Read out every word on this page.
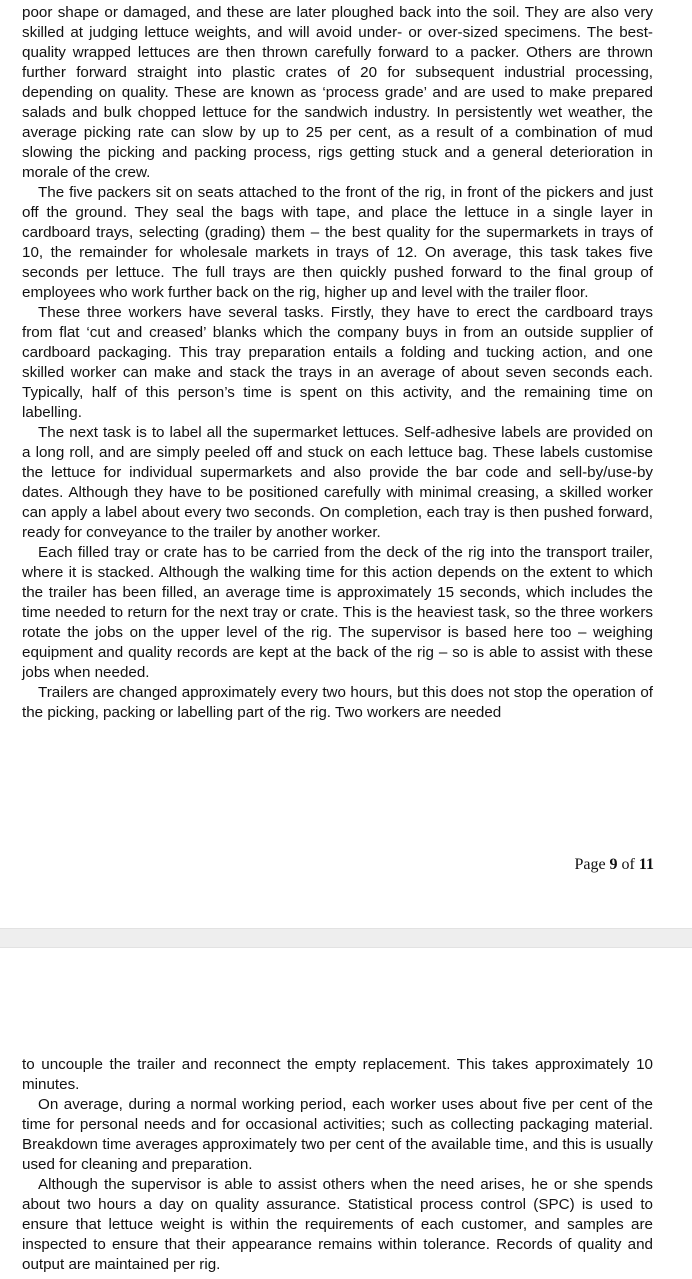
poor shape or damaged, and these are later ploughed back into the soil. They are also very skilled at judging lettuce weights, and will avoid under- or over-sized specimens. The best-quality wrapped lettuces are then thrown carefully forward to a packer. Others are thrown further forward straight into plastic crates of 20 for subsequent industrial processing, depending on quality. These are known as ‘process grade’ and are used to make prepared salads and bulk chopped lettuce for the sandwich industry. In persistently wet weather, the average picking rate can slow by up to 25 per cent, as a result of a combination of mud slowing the picking and packing process, rigs getting stuck and a general deterioration in morale of the crew.

The five packers sit on seats attached to the front of the rig, in front of the pickers and just off the ground. They seal the bags with tape, and place the lettuce in a single layer in cardboard trays, selecting (grading) them – the best quality for the supermarkets in trays of 10, the remainder for wholesale markets in trays of 12. On average, this task takes five seconds per lettuce. The full trays are then quickly pushed forward to the final group of employees who work further back on the rig, higher up and level with the trailer floor.

These three workers have several tasks. Firstly, they have to erect the cardboard trays from flat ‘cut and creased’ blanks which the company buys in from an outside supplier of cardboard packaging. This tray preparation entails a folding and tucking action, and one skilled worker can make and stack the trays in an average of about seven seconds each. Typically, half of this person’s time is spent on this activity, and the remaining time on labelling.

The next task is to label all the supermarket lettuces. Self-adhesive labels are provided on a long roll, and are simply peeled off and stuck on each lettuce bag. These labels customise the lettuce for individual supermarkets and also provide the bar code and sell-by/use-by dates. Although they have to be positioned carefully with minimal creasing, a skilled worker can apply a label about every two seconds. On completion, each tray is then pushed forward, ready for conveyance to the trailer by another worker.

Each filled tray or crate has to be carried from the deck of the rig into the transport trailer, where it is stacked. Although the walking time for this action depends on the extent to which the trailer has been filled, an average time is approximately 15 seconds, which includes the time needed to return for the next tray or crate. This is the heaviest task, so the three workers rotate the jobs on the upper level of the rig. The supervisor is based here too – weighing equipment and quality records are kept at the back of the rig – so is able to assist with these jobs when needed.

Trailers are changed approximately every two hours, but this does not stop the operation of the picking, packing or labelling part of the rig. Two workers are needed

Page 9 of 11

to uncouple the trailer and reconnect the empty replacement. This takes approximately 10 minutes.

On average, during a normal working period, each worker uses about five per cent of the time for personal needs and for occasional activities; such as collecting packaging material. Breakdown time averages approximately two per cent of the available time, and this is usually used for cleaning and preparation.

Although the supervisor is able to assist others when the need arises, he or she spends about two hours a day on quality assurance. Statistical process control (SPC) is used to ensure that lettuce weight is within the requirements of each customer, and samples are inspected to ensure that their appearance remains within tolerance. Records of quality and output are maintained per rig.
